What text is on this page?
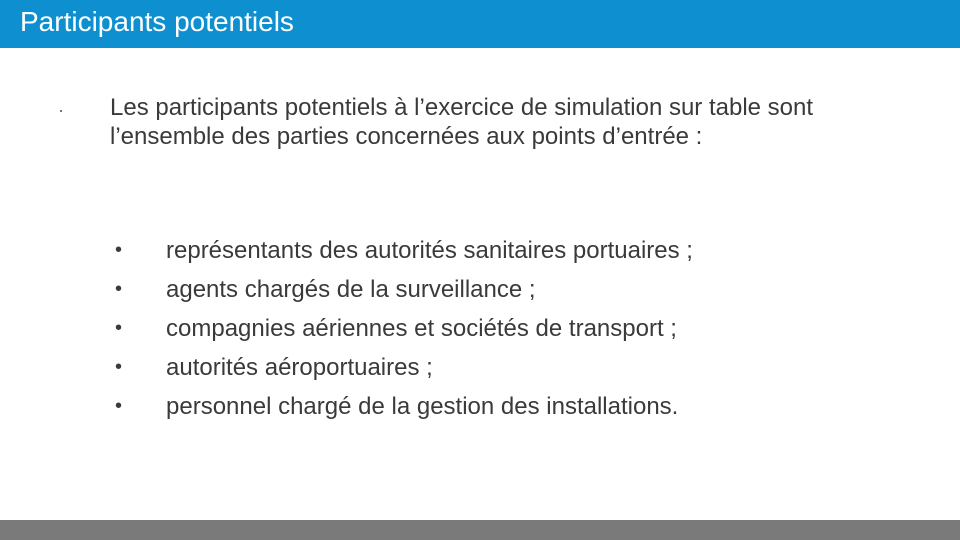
Participants potentiels
Les participants potentiels à l’exercice de simulation sur table sont l’ensemble des parties concernées aux points d’entrée :
• représentants des autorités sanitaires portuaires ;
• agents chargés de la surveillance ;
• compagnies aériennes et sociétés de transport ;
• autorités aéroportuaires ;
• personnel chargé de la gestion des installations.
